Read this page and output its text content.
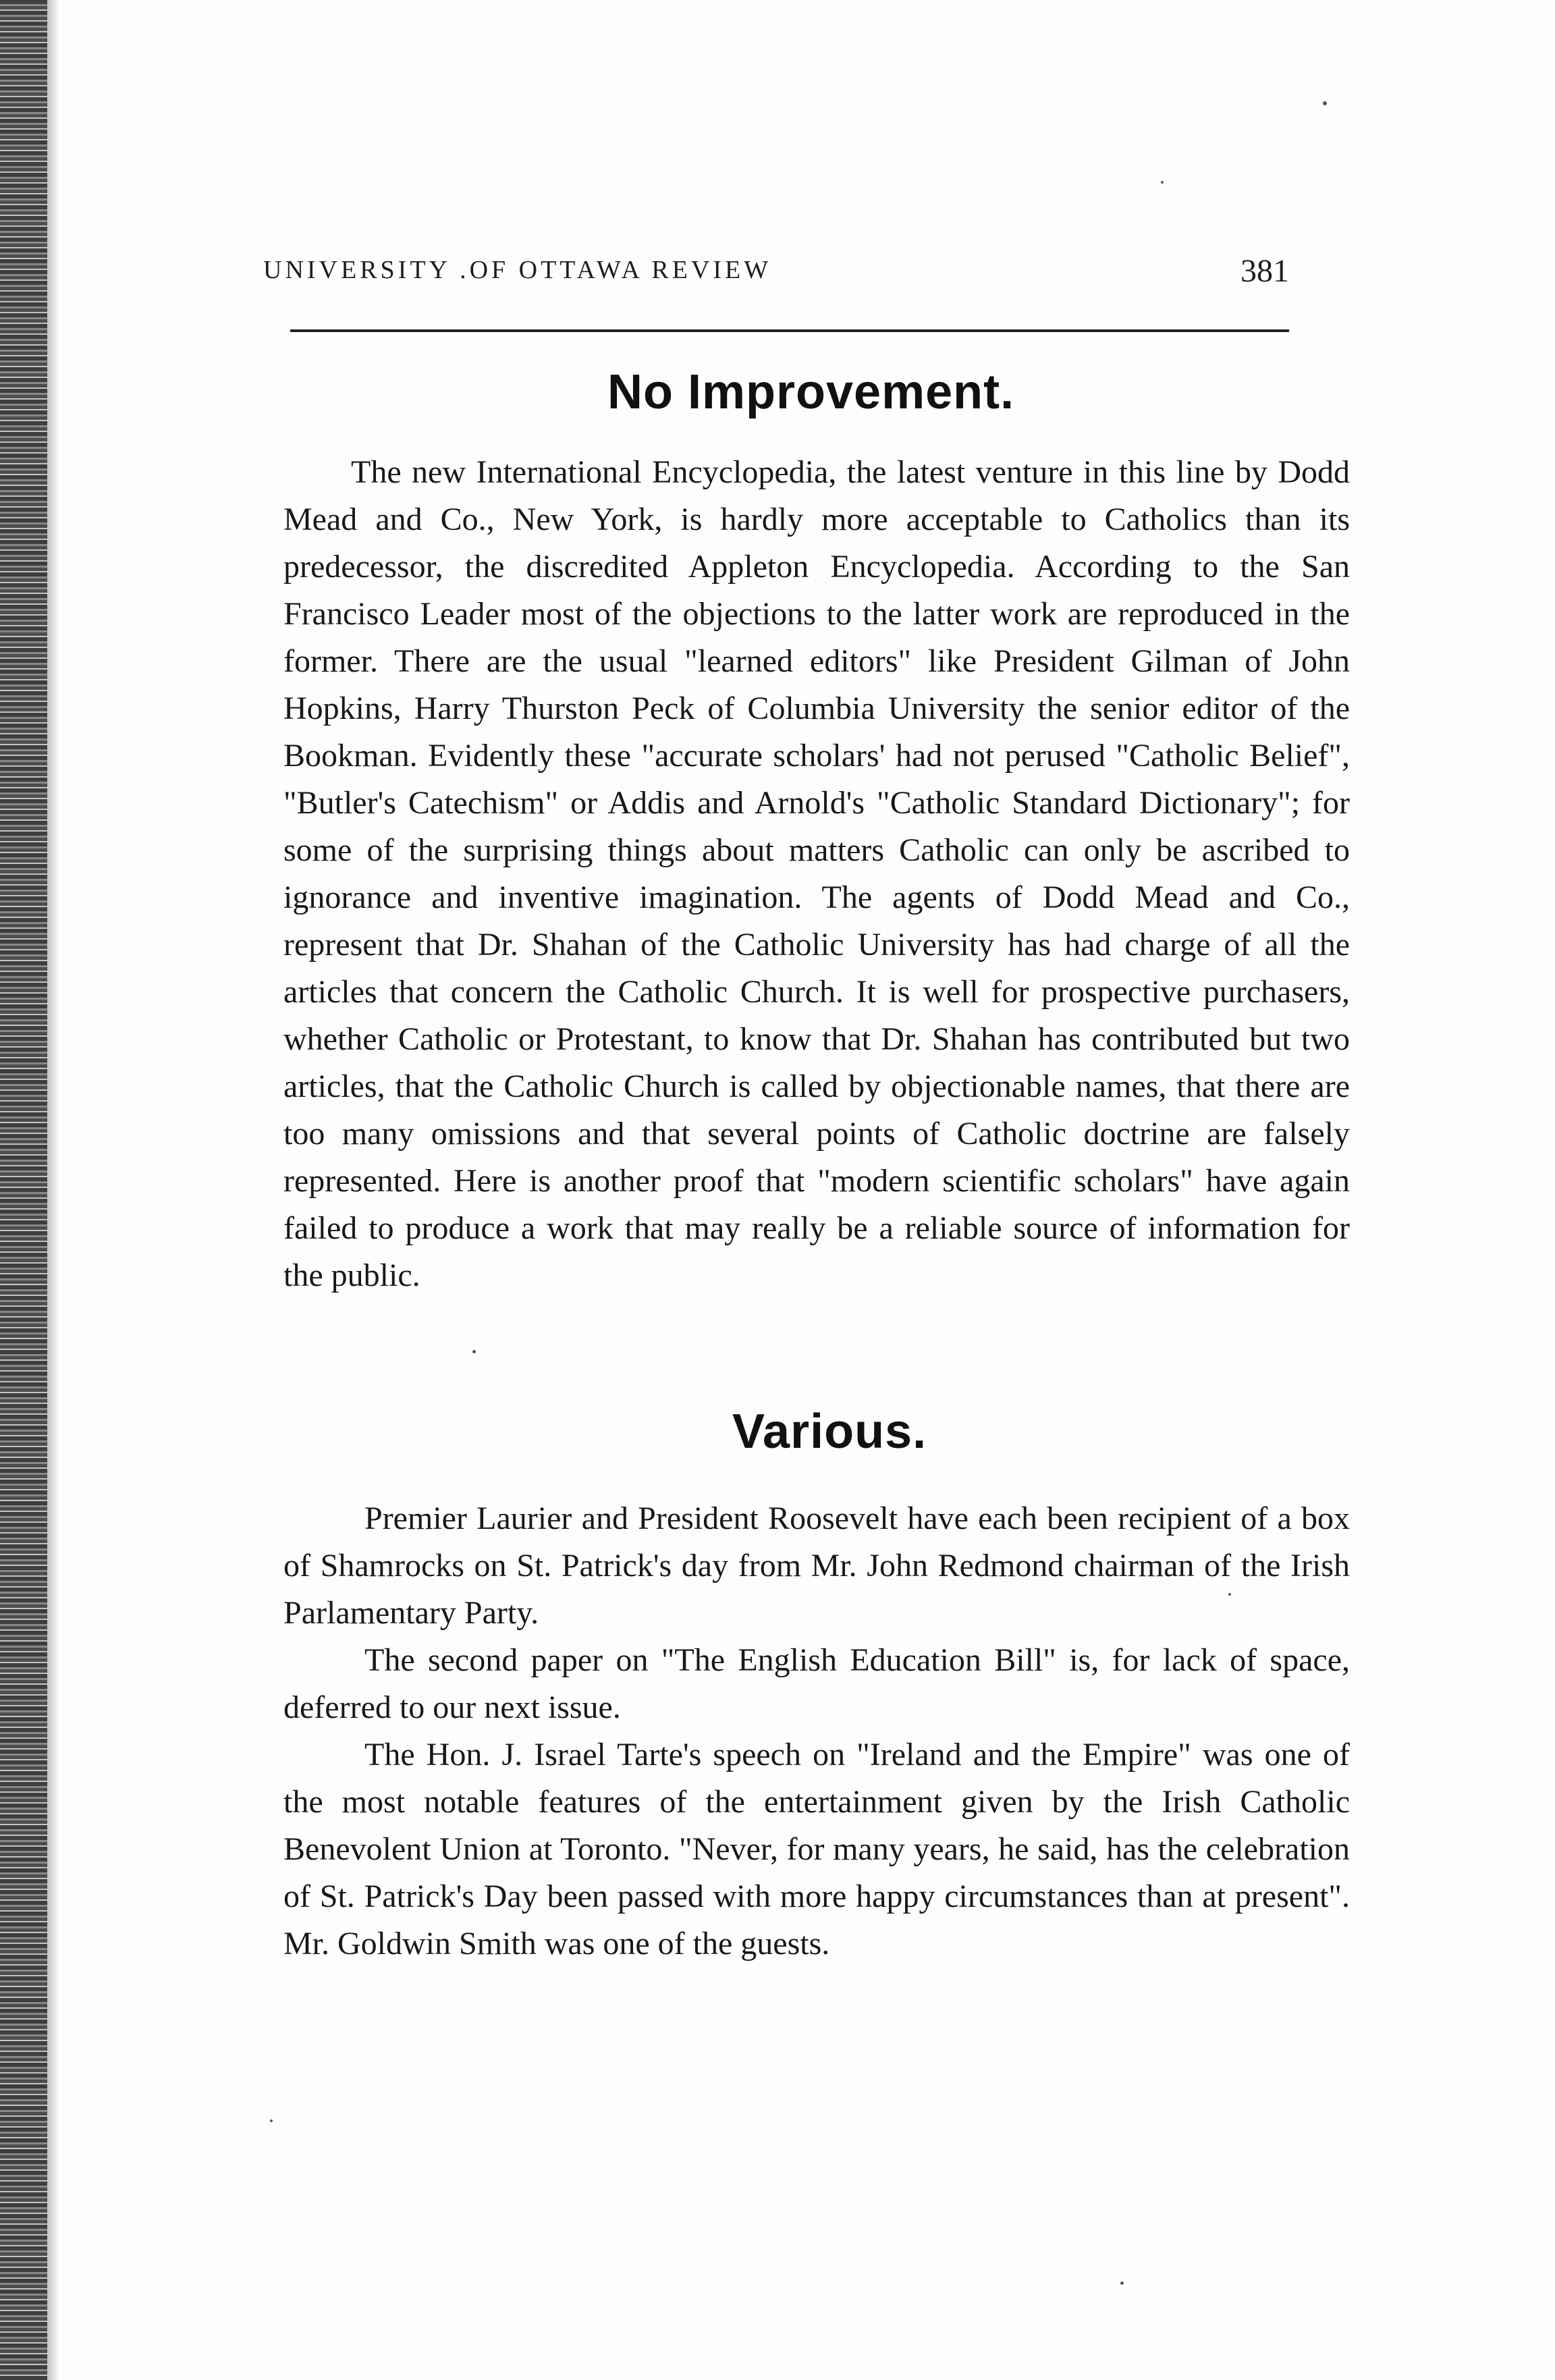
UNIVERSITY .OF OTTAWA REVIEW	381
No Improvement.

The new International Encyclopedia, the latest venture in this line by Dodd Mead and Co., New York, is hardly more acceptable to Catholics than its predecessor, the discredited Appleton Encyclopedia. According to the San Francisco Leader most of the objections to the latter work are reproduced in the former. There are the usual "learned editors" like President Gilman of John Hopkins, Harry Thurston Peck of Columbia University the senior editor of the Bookman. Evidently these "accurate scholars' had not perused "Catholic Belief", "Butler's Catechism" or Addis and Arnold's "Catholic Standard Dictionary"; for some of the surprising things about matters Catholic can only be ascribed to ignorance and inventive imagination. The agents of Dodd Mead and Co., represent that Dr. Shahan of the Catholic University has had charge of all the articles that concern the Catholic Church. It is well for prospective purchasers, whether Catholic or Protestant, to know that Dr. Shahan has contributed but two articles, that the Catholic Church is called by objectionable names, that there are too many omissions and that several points of Catholic doctrine are falsely represented. Here is another proof that "modern scientific scholars" have again failed to produce a work that may really be a reliable source of information for the public.

Various.

Premier Laurier and President Roosevelt have each been recipient of a box of Shamrocks on St. Patrick's day from Mr. John Redmond chairman of the Irish Parlamentary Party.

The second paper on "The English Education Bill" is, for lack of space, deferred to our next issue.

The Hon. J. Israel Tarte's speech on "Ireland and the Empire" was one of the most notable features of the entertainment given by the Irish Catholic Benevolent Union at Toronto. "Never, for many years, he said, has the celebration of St. Patrick's Day been passed with more happy circumstances than at present". Mr. Goldwin Smith was one of the guests.
